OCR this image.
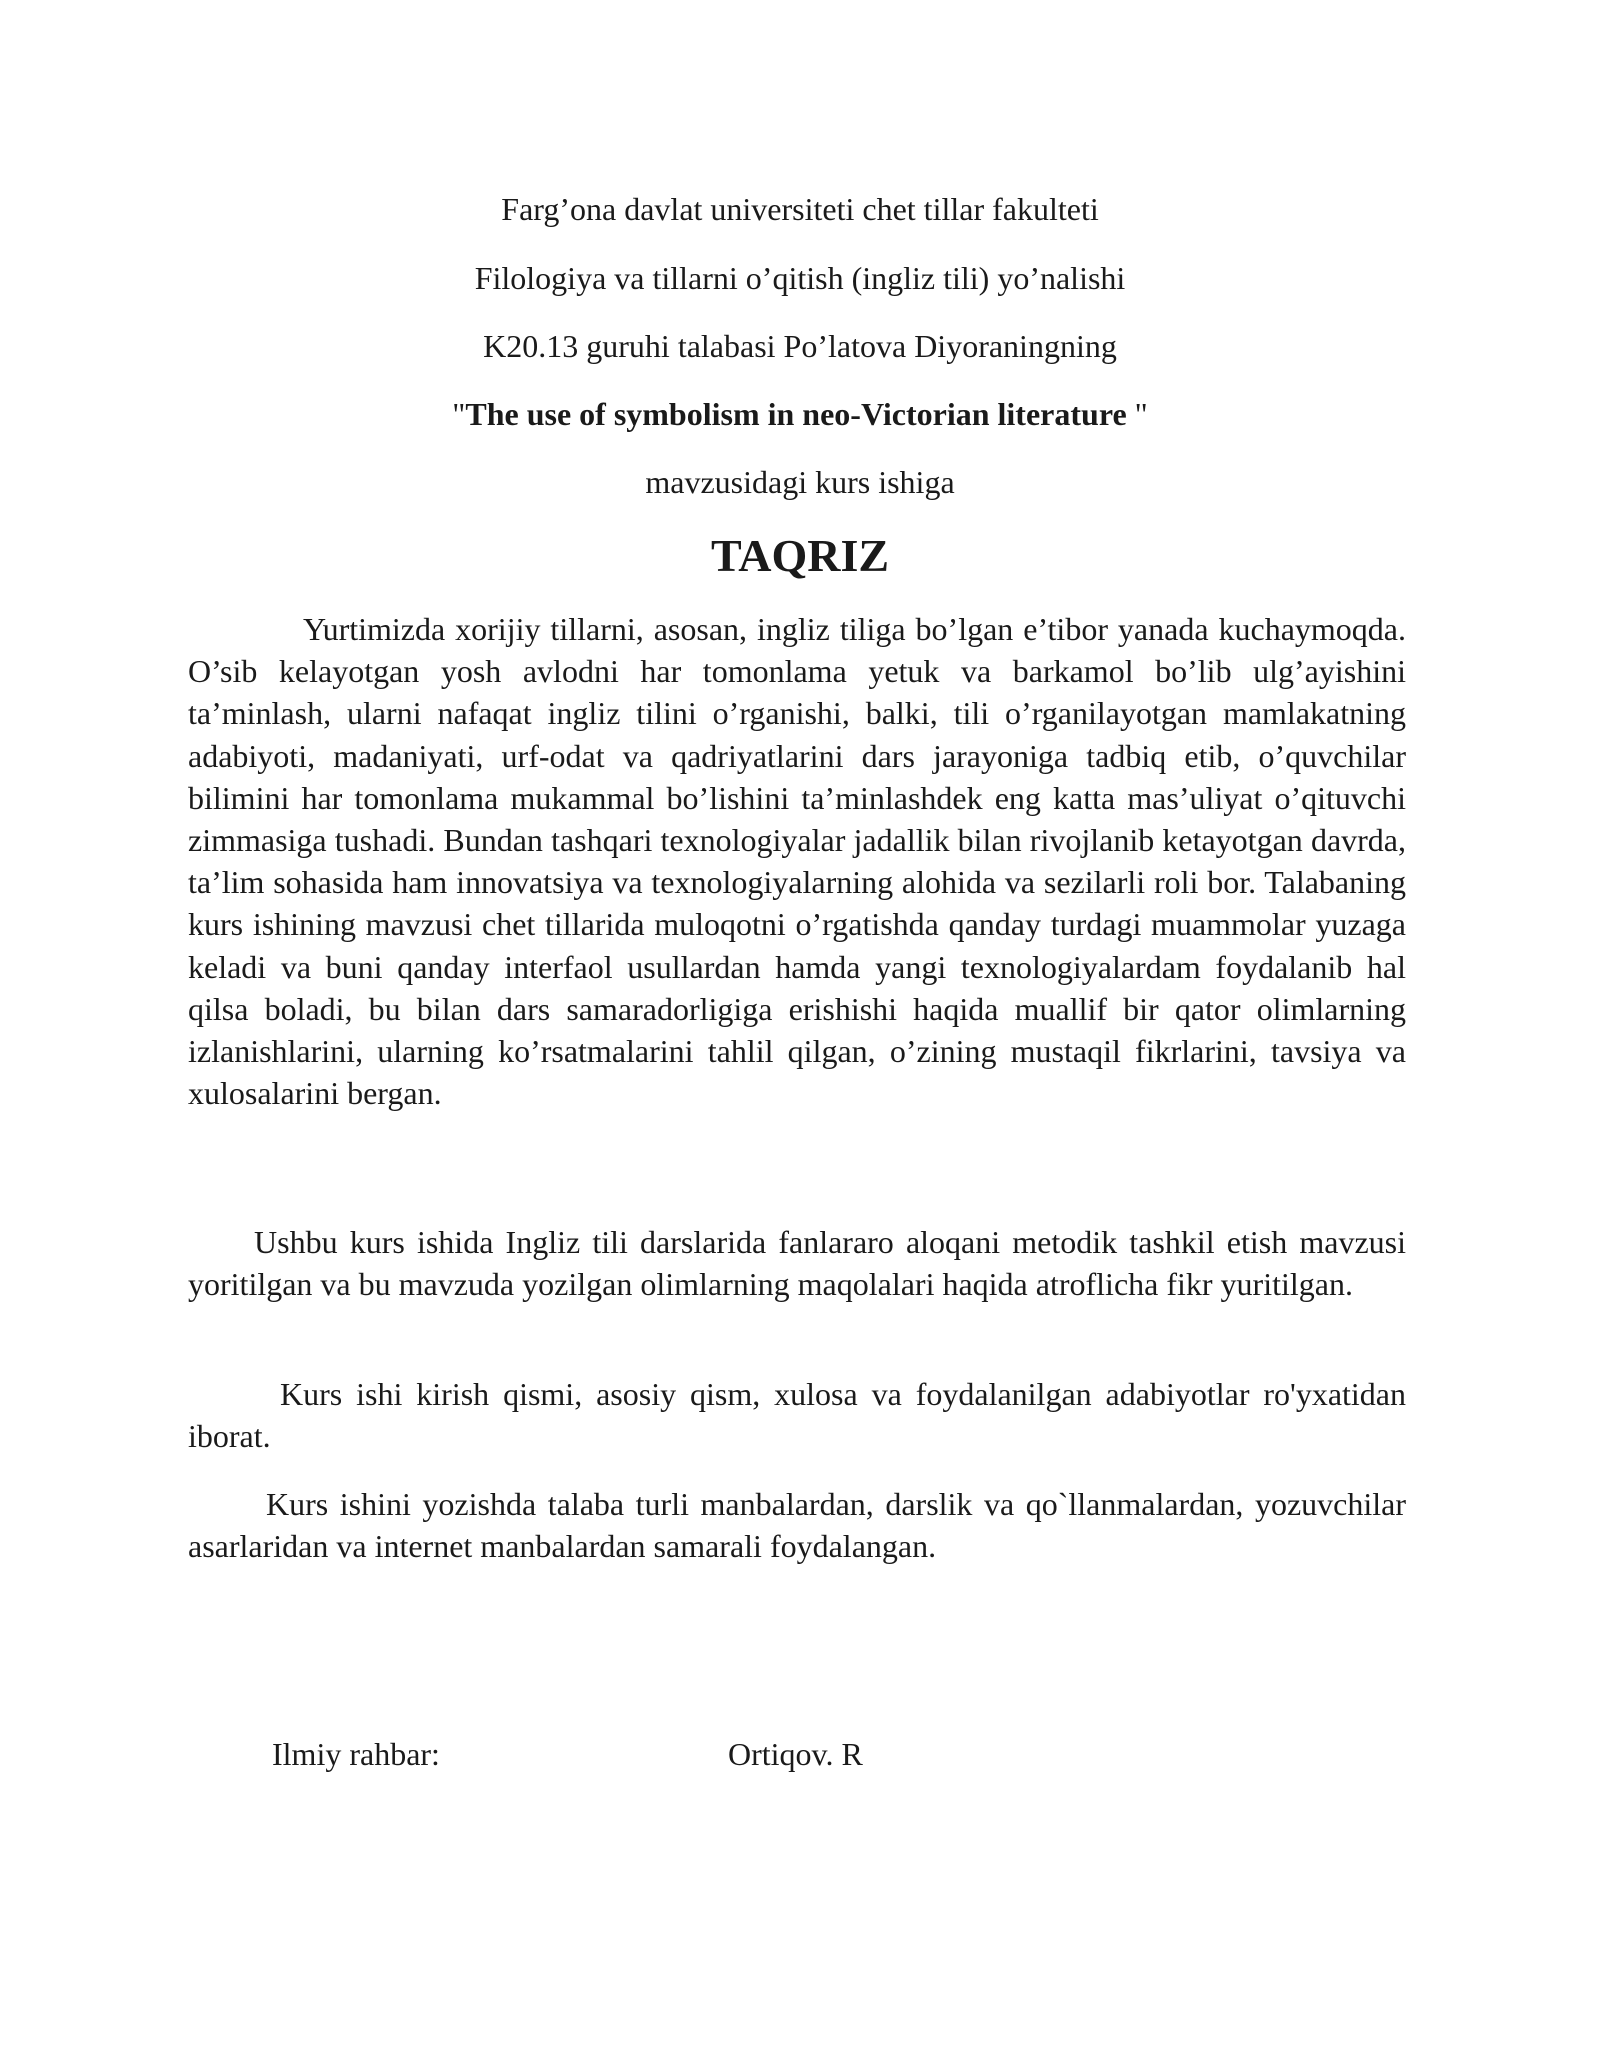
Farg’ona davlat universiteti chet tillar fakulteti
Filologiya va tillarni o’qitish (ingliz tili) yo’nalishi
K20.13 guruhi talabasi Po’latova Diyoraningning
"The use of symbolism in neo-Victorian literature "
mavzusidagi kurs ishiga
TAQRIZ

Yurtimizda xorijiy tillarni, asosan, ingliz tiliga bo’lgan e’tibor yanada kuchaymoqda. O’sib kelayotgan yosh avlodni har tomonlama yetuk va barkamol bo’lib ulg’ayishini ta’minlash, ularni nafaqat ingliz tilini o’rganishi, balki, tili o’rganilayotgan mamlakatning adabiyoti, madaniyati, urf-odat va qadriyatlarini dars jarayoniga tadbiq etib, o’quvchilar bilimini har tomonlama mukammal bo’lishini ta’minlashdek eng katta mas’uliyat o’qituvchi zimmasiga tushadi. Bundan tashqari texnologiyalar jadallik bilan rivojlanib ketayotgan davrda, ta’lim sohasida ham innovatsiya va texnologiyalarning alohida va sezilarli roli bor. Talabaning kurs ishining mavzusi chet tillarida muloqotni o’rgatishda qanday turdagi muammolar yuzaga keladi va buni qanday interfaol usullardan hamda yangi texnologiyalardam foydalanib hal qilsa boladi, bu bilan dars samaradorligiga erishishi haqida muallif bir qator olimlarning izlanishlarini, ularning ko’rsatmalarini tahlil qilgan, o’zining mustaqil fikrlarini, tavsiya va xulosalarini bergan.

Ushbu kurs ishida Ingliz tili darslarida fanlararo aloqani metodik tashkil etish mavzusi yoritilgan va bu mavzuda yozilgan olimlarning maqolalari haqida atroflicha fikr yuritilgan.

Kurs ishi kirish qismi, asosiy qism, xulosa va foydalanilgan adabiyotlar ro'yxatidan iborat.

Kurs ishini yozishda talaba turli manbalardan, darslik va qo`llanmalardan, yozuvchilar asarlaridan va internet manbalardan samarali foydalangan.

Ilmiy rahbar:	Ortiqov. R
